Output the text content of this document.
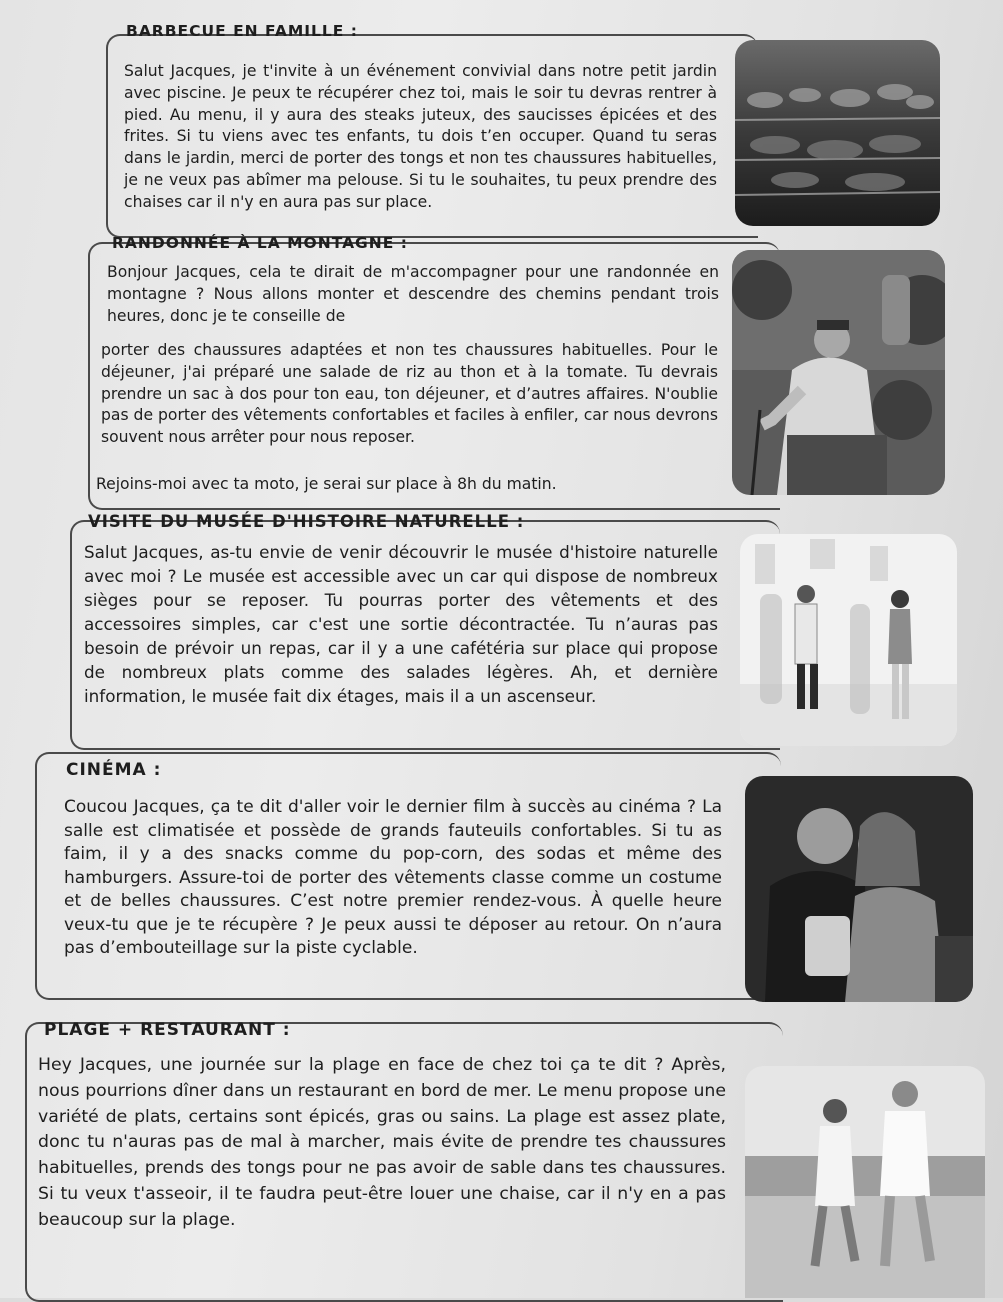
BARBECUE EN FAMILLE :
Salut Jacques, je t'invite à un événement convivial dans notre petit jardin avec piscine. Je peux te récupérer chez toi, mais le soir tu devras rentrer à pied. Au menu, il y aura des steaks juteux, des saucisses épicées et des frites. Si tu viens avec tes enfants, tu dois t’en occuper. Quand tu seras dans le jardin, merci de porter des tongs et non tes chaussures habituelles, je ne veux pas abîmer ma pelouse. Si tu le souhaites, tu peux prendre des chaises car il n'y en aura pas sur place.
RANDONNÉE À LA MONTAGNE :
Bonjour Jacques, cela te dirait de m'accompagner pour une randonnée en montagne ? Nous allons monter et descendre des chemins pendant trois heures, donc je te conseille de
porter des chaussures adaptées et non tes chaussures habituelles. Pour le déjeuner, j'ai préparé une salade de riz au thon et à la tomate. Tu devrais prendre un sac à dos pour ton eau, ton déjeuner, et d’autres affaires. N'oublie pas de porter des vêtements confortables et faciles à enfiler, car nous devrons souvent nous arrêter pour nous reposer.
Rejoins-moi avec ta moto, je serai sur place à 8h du matin.
VISITE DU MUSÉE D'HISTOIRE NATURELLE :
Salut Jacques, as-tu envie de venir découvrir le musée d'histoire naturelle avec moi ? Le musée est accessible avec un car qui dispose de nombreux sièges pour se reposer. Tu pourras porter des vêtements et des accessoires simples, car c'est une sortie décontractée. Tu n’auras pas besoin de prévoir un repas, car il y a une cafétéria sur place qui propose de nombreux plats comme des salades légères. Ah, et dernière information, le musée fait dix étages, mais il a un ascenseur.
CINÉMA :
Coucou Jacques, ça te dit d'aller voir le dernier film à succès au cinéma ? La salle est climatisée et possède de grands fauteuils confortables. Si tu as faim, il y a des snacks comme du pop-corn, des sodas et même des hamburgers. Assure-toi de porter des vêtements classe comme un costume et de belles chaussures. C’est notre premier rendez-vous. À quelle heure veux-tu que je te récupère ? Je peux aussi te déposer au retour. On n’aura pas d’embouteillage sur la piste cyclable.
PLAGE + RESTAURANT :
Hey Jacques, une journée sur la plage en face de chez toi ça te dit ? Après, nous pourrions dîner dans un restaurant en bord de mer. Le menu propose une variété de plats, certains sont épicés, gras ou sains. La plage est assez plate, donc tu n'auras pas de mal à marcher, mais évite de prendre tes chaussures habituelles, prends des tongs pour ne pas avoir de sable dans tes chaussures. Si tu veux t'asseoir, il te faudra peut-être louer une chaise, car il n'y en a pas beaucoup sur la plage.
